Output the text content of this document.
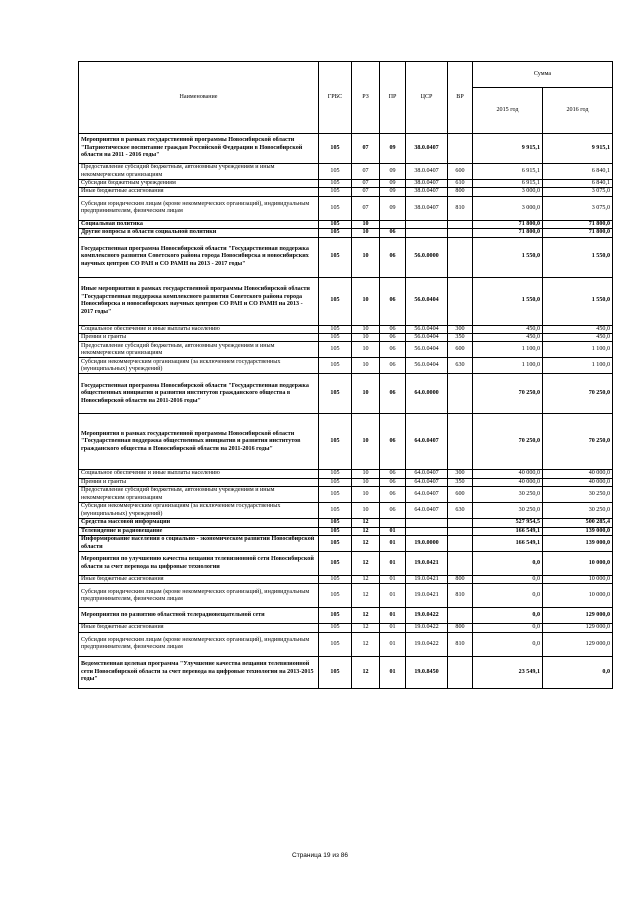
Наименование	ГРБС	РЗ	ПР	ЦСР	ВР	Сумма	
						2015 год	2016 год
Мероприятия в рамках государственной программы Новосибирской области "Патриотическое воспитание граждан Российской Федерации в Новосибирской области на 2011 - 2016 годы"	105	07	09	38.0.0407		9 915,1	9 915,1
Предоставление субсидий бюджетным, автономным учреждениям и иным некоммерческим организациям	105	07	09	38.0.0407	600	6 915,1	6 840,1
Субсидии бюджетным учреждениям	105	07	09	38.0.0407	610	6 915,1	6 840,1
Иные бюджетные ассигнования	105	07	09	38.0.0407	800	3 000,0	3 075,0
Субсидии юридическим лицам (кроме некоммерческих организаций), индивидуальным предпринимателям, физическим лицам	105	07	09	38.0.0407	810	3 000,0	3 075,0
Социальная политика	105	10				71 800,0	71 800,0
Другие вопросы в области социальной политики	105	10	06			71 800,0	71 800,0
Государственная программа Новосибирской области "Государственная поддержка комплексного развития Советского района города Новосибирска и новосибирских научных центров СО РАН и СО РАМН на 2013 - 2017 годы"	105	10	06	56.0.0000		1 550,0	1 550,0
Иные мероприятия в рамках государственной программы Новосибирской области "Государственная поддержка комплексного развития Советского района города Новосибирска и новосибирских научных центров СО РАН и СО РАМН на 2013 - 2017 годы"	105	10	06	56.0.0404		1 550,0	1 550,0
Социальное обеспечение и иные выплаты населению	105	10	06	56.0.0404	300	450,0	450,0
Премии и гранты	105	10	06	56.0.0404	350	450,0	450,0
Предоставление субсидий бюджетным, автономным учреждениям и иным некоммерческим организациям	105	10	06	56.0.0404	600	1 100,0	1 100,0
Субсидии некоммерческим организациям (за исключением государственных (муниципальных) учреждений)	105	10	06	56.0.0404	630	1 100,0	1 100,0
Государственная программа Новосибирской области "Государственная поддержка общественных инициатив и развития институтов гражданского общества в Новосибирской области на 2011-2016 годы"	105	10	06	64.0.0000		70 250,0	70 250,0
Мероприятия в рамках государственной программы Новосибирской области "Государственная поддержка общественных инициатив и развития институтов гражданского общества в Новосибирской области на 2011-2016 годы"	105	10	06	64.0.0407		70 250,0	70 250,0
Социальное обеспечение и иные выплаты населению	105	10	06	64.0.0407	300	40 000,0	40 000,0
Премии и гранты	105	10	06	64.0.0407	350	40 000,0	40 000,0
Предоставление субсидий бюджетным, автономным учреждениям и иным некоммерческим организациям	105	10	06	64.0.0407	600	30 250,0	30 250,0
Субсидии некоммерческим организациям (за исключением государственных (муниципальных) учреждений)	105	10	06	64.0.0407	630	30 250,0	30 250,0
Средства массовой информации	105	12				527 954,5	500 285,4
Телевидение и радиовещание	105	12	01			166 549,1	139 000,0
Информирование населения о социально - экономическом развитии Новосибирской области	105	12	01	19.0.0000		166 549,1	139 000,0
Мероприятия по улучшению качества вещания телевизионной сети Новосибирской области за счет перевода на цифровые технологии	105	12	01	19.0.0421		0,0	10 000,0
Иные бюджетные ассигнования	105	12	01	19.0.0421	800	0,0	10 000,0
Субсидии юридическим лицам (кроме некоммерческих организаций), индивидуальным предпринимателям, физическим лицам	105	12	01	19.0.0421	810	0,0	10 000,0
Мероприятия по развитию областной телерадиовещательной сети	105	12	01	19.0.0422		0,0	129 000,0
Иные бюджетные ассигнования	105	12	01	19.0.0422	800	0,0	129 000,0
Субсидии юридическим лицам (кроме некоммерческих организаций), индивидуальным предпринимателям, физическим лицам	105	12	01	19.0.0422	810	0,0	129 000,0
Ведомственная целевая программа "Улучшение качества вещания телевизионной сети Новосибирской области за счет перевода на цифровые технологии на 2013-2015 годы"	105	12	01	19.0.8450		23 549,1	0,0
Страница 19 из 86
